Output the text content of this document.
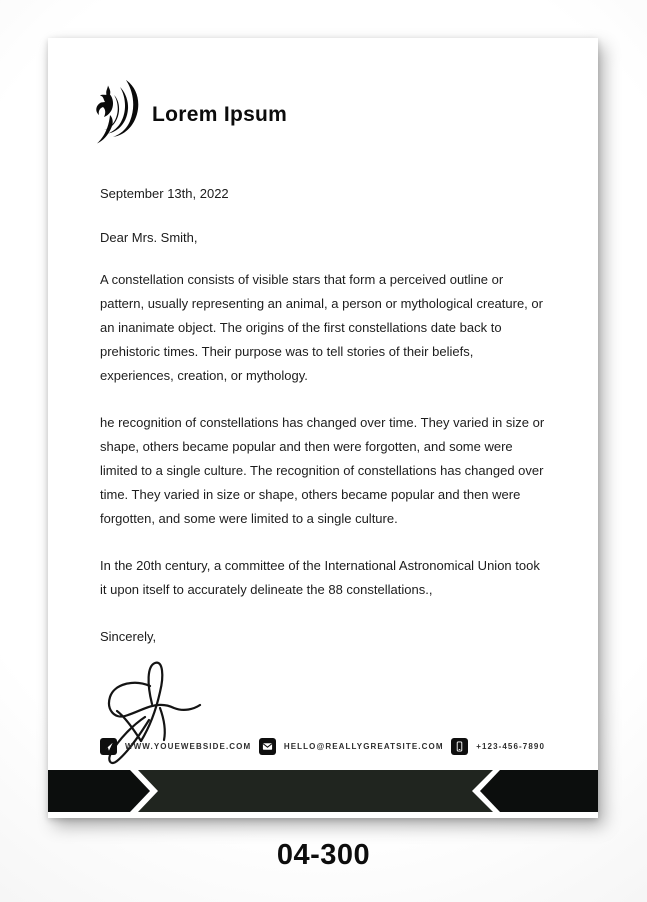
Lorem Ipsum
September 13th, 2022
Dear Mrs. Smith,
A constellation consists of visible stars that form a perceived outline or pattern, usually representing an animal, a person or mythological creature, or an inanimate object. The origins of the first constellations date back to prehistoric times. Their purpose was to tell stories of their beliefs, experiences, creation, or mythology.
he recognition of constellations has changed over time. They varied in size or shape, others became popular and then were forgotten, and some were limited to a single culture. The recognition of constellations has changed over time. They varied in size or shape, others became popular and then were forgotten, and some were limited to a single culture.
In the 20th century, a committee of the International Astronomical Union took it upon itself to accurately delineate the 88 constellations.,
Sincerely,
WWW.YOUEWEBSIDE.COM	HELLO@REALLYGREATSITE.COM	+123-456-7890
04-300
